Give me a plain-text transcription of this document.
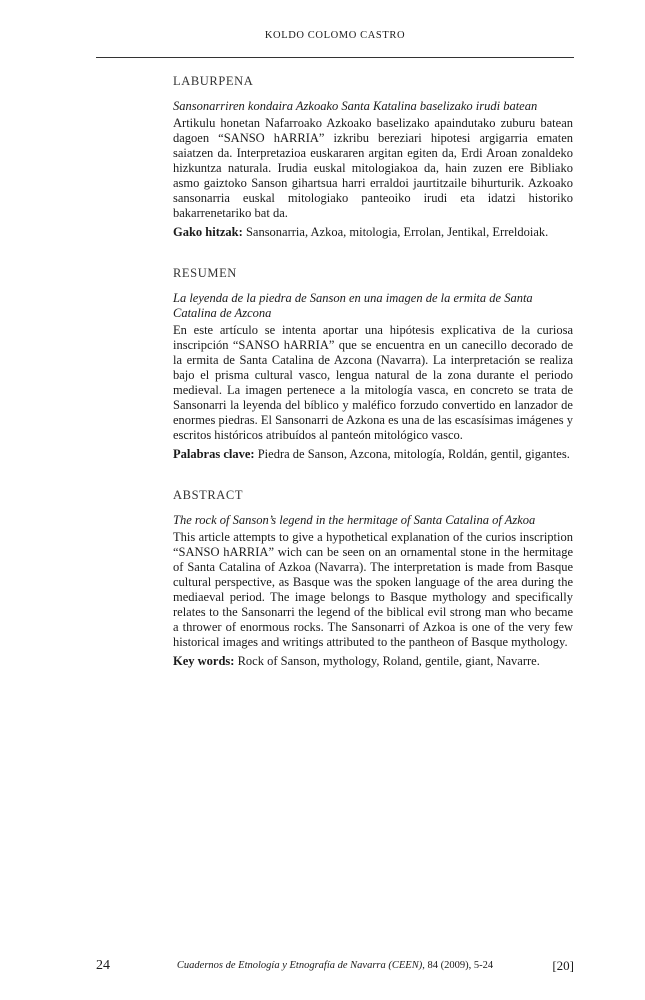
KOLDO COLOMO CASTRO
LABURPENA
Sansonarriren kondaira Azkoako Santa Katalina baselizako irudi batean

Artikulu honetan Nafarroako Azkoako baselizako apaindutako zuburu batean dagoen “SANSO hARRIA” izkribu bereziari hipotesi argigarria ematen saiatzen da. Interpretazioa euskararen argitan egiten da, Erdi Aroan zonaldeko hizkuntza naturala. Irudia euskal mitologiakoa da, hain zuzen ere Bibliako asmo gaiztoko Sanson gihartsua harri erraldoi jaurtitzaile bihurturik. Azkoako sansonarria euskal mitologiako panteoiko irudi eta idatzi historiko bakarrenetariko bat da.

Gako hitzak: Sansonarria, Azkoa, mitologia, Errolan, Jentikal, Erreldoiak.

RESUMEN
La leyenda de la piedra de Sanson en una imagen de la ermita de Santa Catalina de Azcona

En este artículo se intenta aportar una hipótesis explicativa de la curiosa inscripción “SANSO hARRIA” que se encuentra en un canecillo decorado de la ermita de Santa Catalina de Azcona (Navarra). La interpretación se realiza bajo el prisma cultural vasco, lengua natural de la zona durante el periodo medieval. La imagen pertenece a la mitología vasca, en concreto se trata de Sansonarri la leyenda del bíblico y maléfico forzudo convertido en lanzador de enormes piedras. El Sansonarri de Azkona es una de las escasísimas imágenes y escritos históricos atribuídos al panteón mitológico vasco.

Palabras clave: Piedra de Sanson, Azcona, mitología, Roldán, gentil, gigantes.

ABSTRACT
The rock of Sanson’s legend in the hermitage of Santa Catalina of Azkoa

This article attempts to give a hypothetical explanation of the curios inscription “SANSO hARRIA” wich can be seen on an ornamental stone in the hermitage of Santa Catalina of Azkoa (Navarra). The interpretation is made from Basque cultural perspective, as Basque was the spoken language of the area during the mediaeval period. The image belongs to Basque mythology and specifically relates to the Sansonarri the legend of the biblical evil strong man who became a thrower of enormous rocks. The Sansonarri of Azkoa is one of the very few historical images and writings attributed to the pantheon of Basque mythology.

Key words: Rock of Sanson, mythology, Roland, gentile, giant, Navarre.

24	Cuadernos de Etnología y Etnografía de Navarra (CEEN), 84 (2009), 5-24	[20]
